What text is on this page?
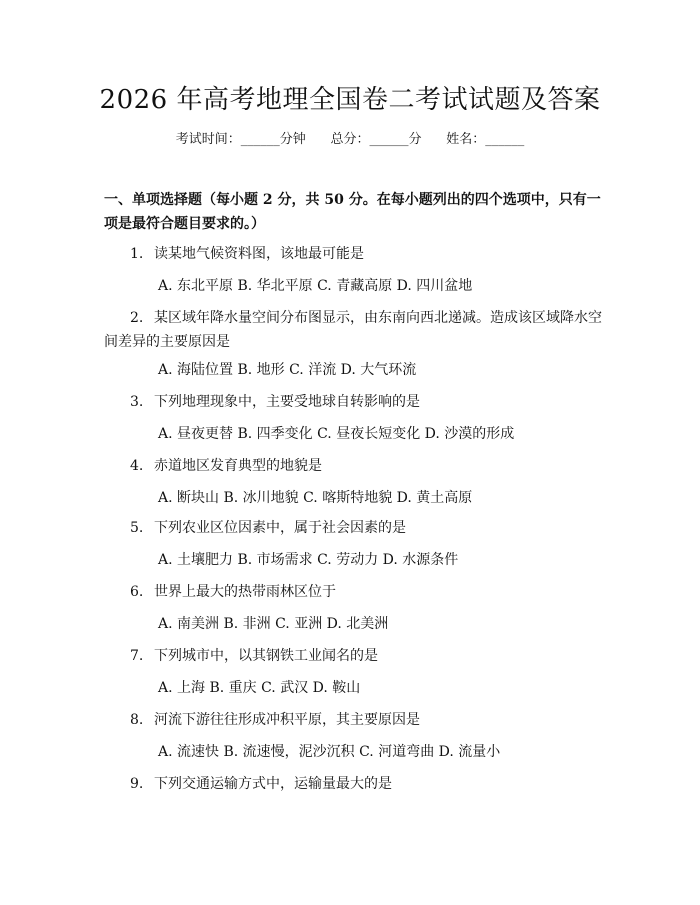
2026 年高考地理全国卷二考试试题及答案
考试时间：______分钟      总分：______分      姓名：______
一、单项选择题（每小题 2 分，共 50 分。在每小题列出的四个选项中，只有一项是最符合题目要求的。）
1. 读某地气候资料图，该地最可能是
A. 东北平原 B. 华北平原 C. 青藏高原 D. 四川盆地
2. 某区域年降水量空间分布图显示，由东南向西北递减。造成该区域降水空间差异的主要原因是
A. 海陆位置 B. 地形 C. 洋流 D. 大气环流
3. 下列地理现象中，主要受地球自转影响的是
A. 昼夜更替 B. 四季变化 C. 昼夜长短变化 D. 沙漠的形成
4. 赤道地区发育典型的地貌是
A. 断块山 B. 冰川地貌 C. 喀斯特地貌 D. 黄土高原
5. 下列农业区位因素中，属于社会因素的是
A. 土壤肥力 B. 市场需求 C. 劳动力 D. 水源条件
6. 世界上最大的热带雨林区位于
A. 南美洲 B. 非洲 C. 亚洲 D. 北美洲
7. 下列城市中，以其钢铁工业闻名的是
A. 上海 B. 重庆 C. 武汉 D. 鞍山
8. 河流下游往往形成冲积平原，其主要原因是
A. 流速快 B. 流速慢，泥沙沉积 C. 河道弯曲 D. 流量小
9. 下列交通运输方式中，运输量最大的是
